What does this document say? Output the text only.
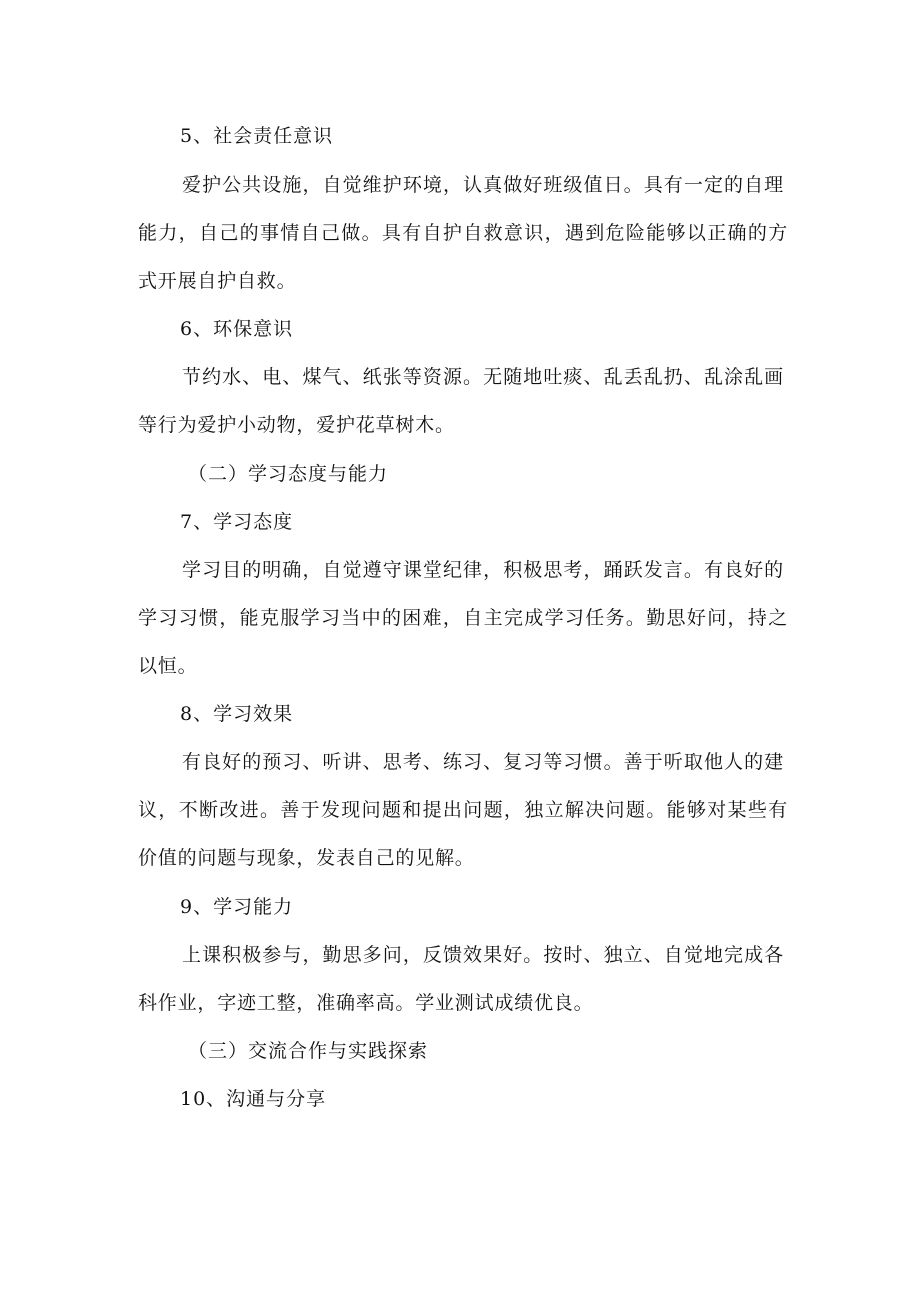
5、社会责任意识
爱护公共设施，自觉维护环境，认真做好班级值日。具有一定的自理
能力，自己的事情自己做。具有自护自救意识，遇到危险能够以正确的方
式开展自护自救。
6、环保意识
节约水、电、煤气、纸张等资源。无随地吐痰、乱丢乱扔、乱涂乱画
等行为爱护小动物，爱护花草树木。
（二）学习态度与能力
7、学习态度
学习目的明确，自觉遵守课堂纪律，积极思考，踊跃发言。有良好的
学习习惯，能克服学习当中的困难，自主完成学习任务。勤思好问，持之
以恒。
8、学习效果
有良好的预习、听讲、思考、练习、复习等习惯。善于听取他人的建
议，不断改进。善于发现问题和提出问题，独立解决问题。能够对某些有
价值的问题与现象，发表自己的见解。
9、学习能力
上课积极参与，勤思多问，反馈效果好。按时、独立、自觉地完成各
科作业，字迹工整，准确率高。学业测试成绩优良。
（三）交流合作与实践探索
10、沟通与分享
